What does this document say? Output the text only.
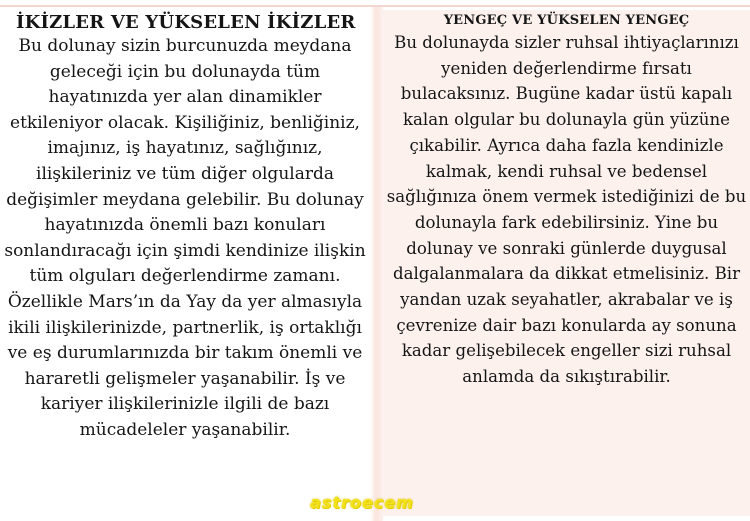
İKİZLER VE YÜKSELEN İKİZLER

Bu dolunay sizin burcunuzda meydana geleceği için bu dolunayda tüm hayatınızda yer alan dinamikler etkileniyor olacak. Kişiliğiniz, benliğiniz, imajınız, iş hayatınız, sağlığınız, ilişkileriniz ve tüm diğer olgularda değişimler meydana gelebilir. Bu dolunay hayatınızda önemli bazı konuları sonlandıracağı için şimdi kendinize ilişkin tüm olguları değerlendirme zamanı. Özellikle Mars’ın da Yay da yer almasıyla ikili ilişkilerinizde, partnerlik, iş ortaklığı ve eş durumlarınızda bir takım önemli ve hararetli gelişmeler yaşanabilir. İş ve kariyer ilişkilerinizle ilgili de bazı mücadeleler yaşanabilir.

YENGEÇ VE YÜKSELEN YENGEÇ

Bu dolunayda sizler ruhsal ihtiyaçlarınızı yeniden değerlendirme fırsatı bulacaksınız. Bugüne kadar üstü kapalı kalan olgular bu dolunayla gün yüzüne çıkabilir. Ayrıca daha fazla kendinizle kalmak, kendi ruhsal ve bedensel sağlığınıza önem vermek istediğinizi de bu dolunayla fark edebilirsiniz. Yine bu dolunay ve sonraki günlerde duygusal dalgalanmalara da dikkat etmelisiniz. Bir yandan uzak seyahatler, akrabalar ve iş çevrenize dair bazı konularda ay sonuna kadar gelişebilecek engeller sizi ruhsal anlamda da sıkıştırabilir.

astroecem
